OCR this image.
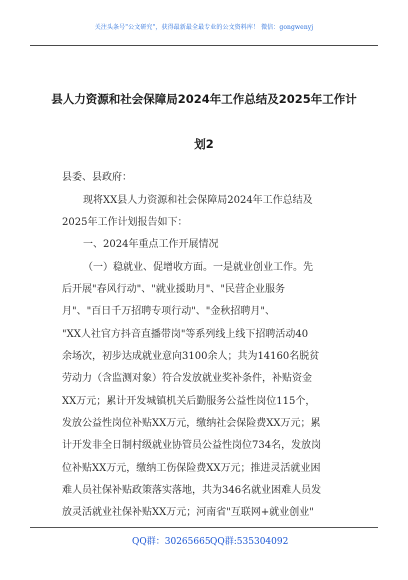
关注头条号"公文研究"，获得最新最全最专业的公文资料库！ 微信：gongwenyj
县人力资源和社会保障局2024年工作总结及2025年工作计
划2
县委、县政府：
现将XX县人力资源和社会保障局2024年工作总结及
2025年工作计划报告如下：
一、2024年重点工作开展情况
（一）稳就业、促增收方面。一是就业创业工作。先
后开展"春风行动"、"就业援助月"、"民营企业服务
月"、"百日千万招聘专项行动"、"金秋招聘月"、
"XX人社官方抖音直播带岗"等系列线上线下招聘活动40
余场次，初步达成就业意向3100余人；共为14160名脱贫
劳动力（含监测对象）符合发放就业奖补条件，补贴资金
XX万元；累计开发城镇机关后勤服务公益性岗位115个，
发放公益性岗位补贴XX万元，缴纳社会保险费XX万元；累
计开发非全日制村级就业协管员公益性岗位734名，发放岗
位补贴XX万元，缴纳工伤保险费XX万元；推进灵活就业困
难人员社保补贴政策落实落地，共为346名就业困难人员发
放灵活就业社保补贴XX万元；河南省"互联网+就业创业"
QQ群：30265665 QQ群:535304092
